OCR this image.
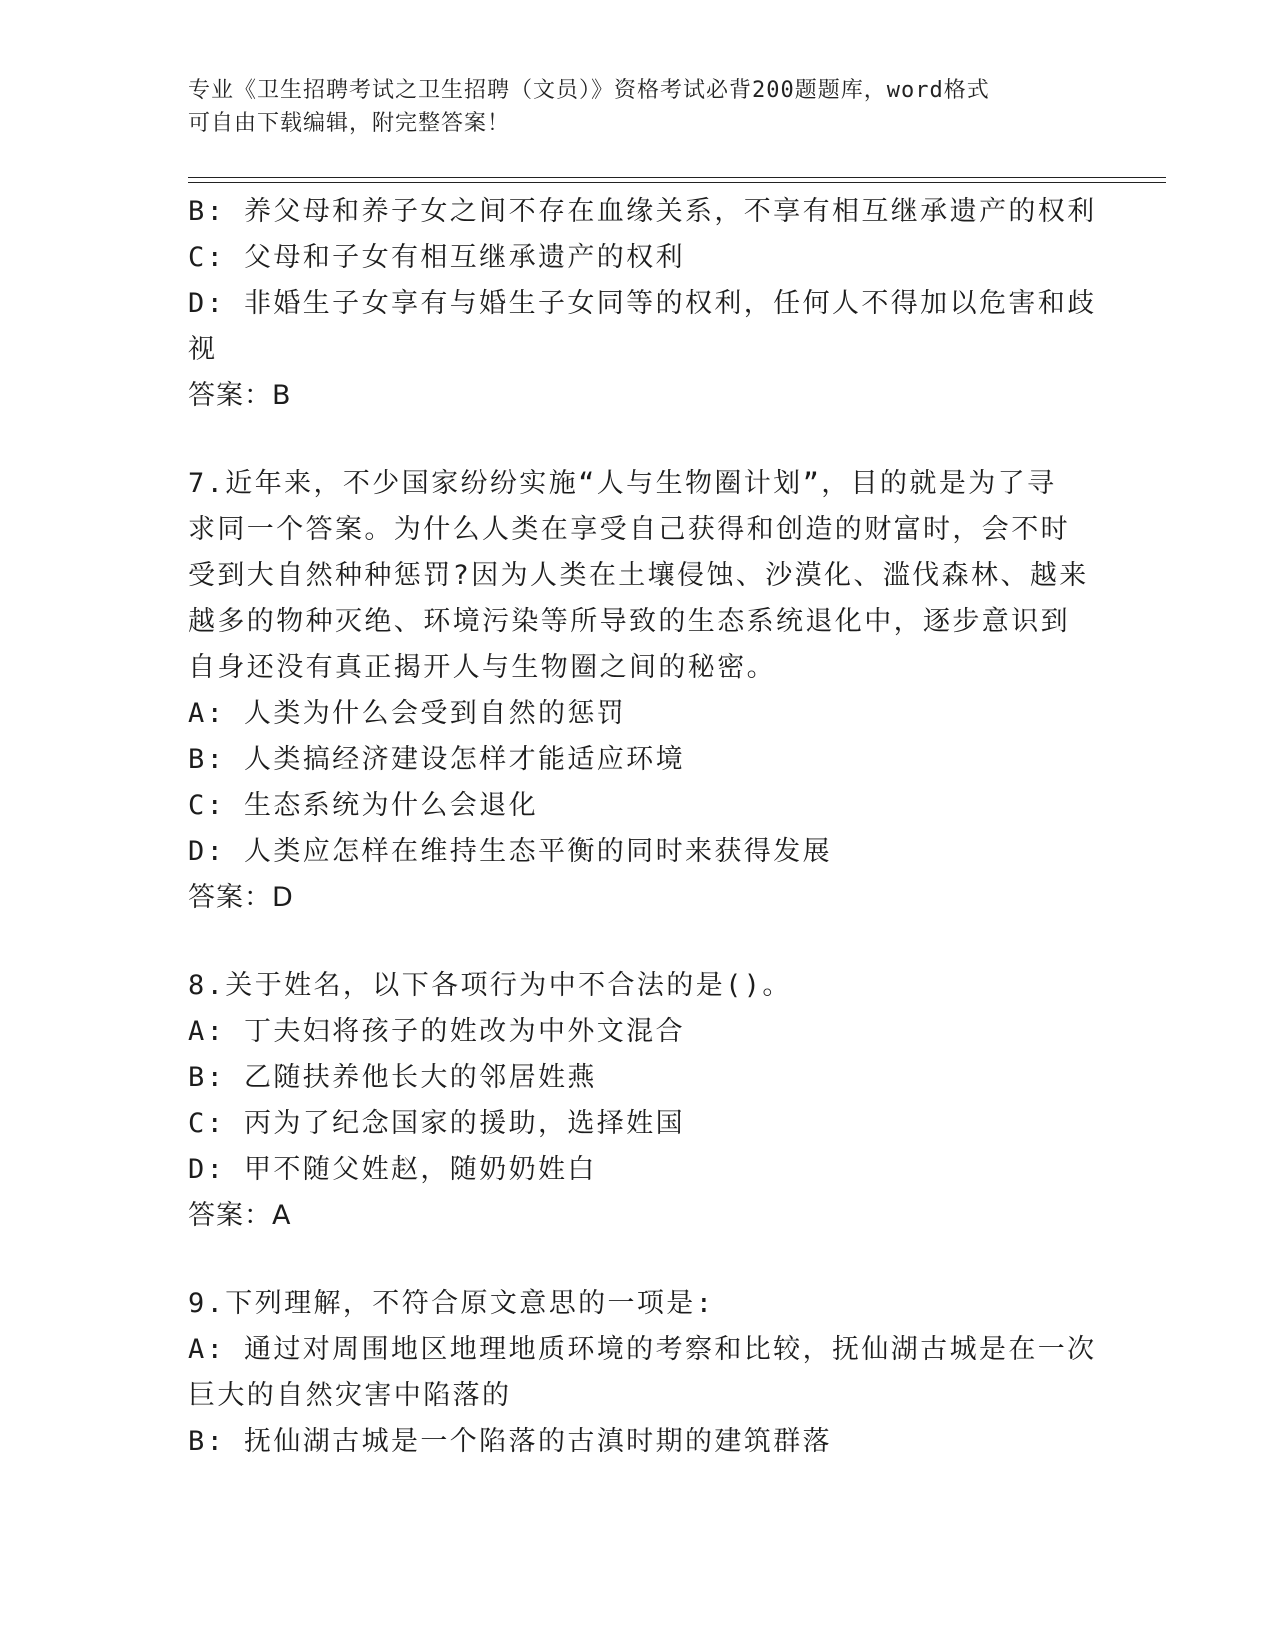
专业《卫生招聘考试之卫生招聘（文员）》资格考试必背200题题库，word格式
可自由下载编辑，附完整答案！
B: 养父母和养子女之间不存在血缘关系，不享有相互继承遗产的权利
C: 父母和子女有相互继承遗产的权利
D: 非婚生子女享有与婚生子女同等的权利，任何人不得加以危害和歧
视
答案：B
7.近年来，不少国家纷纷实施“人与生物圈计划”，目的就是为了寻
求同一个答案。为什么人类在享受自己获得和创造的财富时，会不时
受到大自然种种惩罚?因为人类在土壤侵蚀、沙漠化、滥伐森林、越来
越多的物种灭绝、环境污染等所导致的生态系统退化中，逐步意识到
自身还没有真正揭开人与生物圈之间的秘密。
A: 人类为什么会受到自然的惩罚
B: 人类搞经济建设怎样才能适应环境
C: 生态系统为什么会退化
D: 人类应怎样在维持生态平衡的同时来获得发展
答案：D
8.关于姓名，以下各项行为中不合法的是()。
A: 丁夫妇将孩子的姓改为中外文混合
B: 乙随扶养他长大的邻居姓燕
C: 丙为了纪念国家的援助，选择姓国
D: 甲不随父姓赵，随奶奶姓白
答案：A
9.下列理解，不符合原文意思的一项是:
A: 通过对周围地区地理地质环境的考察和比较，抚仙湖古城是在一次
巨大的自然灾害中陷落的
B: 抚仙湖古城是一个陷落的古滇时期的建筑群落
